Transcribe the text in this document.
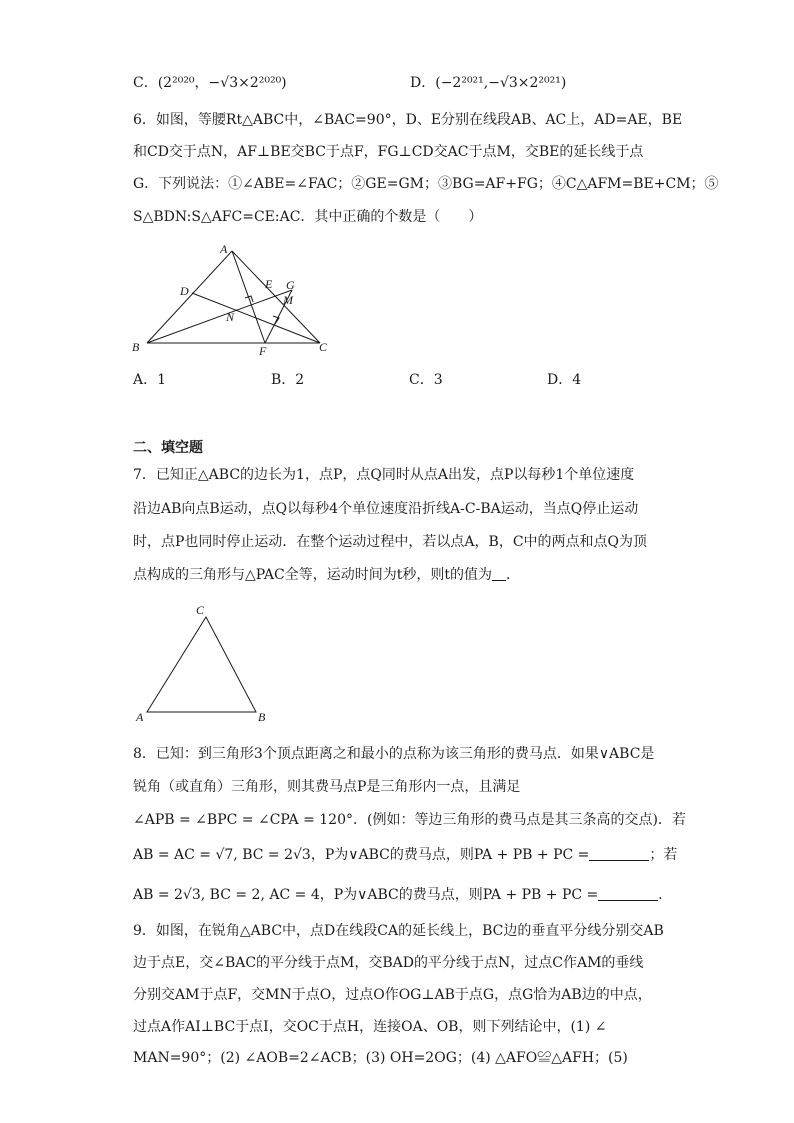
C．(2²⁰²⁰，−√3×2²⁰²⁰)	D．(−2²⁰²¹,−√3×2²⁰²¹)
6．如图，等腰Rt△ABC中，∠BAC=90°，D、E分别在线段AB、AC上，AD=AE，BE
和CD交于点N，AF⊥BE交BC于点F，FG⊥CD交AC于点M，交BE的延长线于点
G．下列说法：①∠ABE=∠FAC；②GE=GM；③BG=AF+FG；④C△AFM=BE+CM；⑤
S△BDN:S△AFC=CE:AC．其中正确的个数是（　　）
A
D	E G
M
N
B	F	C
A．1	B．2	C．3	D．4
二、填空题
7．已知正△ABC的边长为1，点P，点Q同时从点A出发，点P以每秒1个单位速度
沿边AB向点B运动，点Q以每秒4个单位速度沿折线A-C-BA运动，当点Q停止运动
时，点P也同时停止运动．在整个运动过程中，若以点A，B，C中的两点和点Q为顶
点构成的三角形与△PAC全等，运动时间为t秒，则t的值为 ．
C
A	B
8．已知：到三角形3个顶点距离之和最小的点称为该三角形的费马点．如果∨ABC是
锐角（或直角）三角形，则其费马点P是三角形内一点，且满足
∠APB = ∠BPC = ∠CPA = 120°．(例如：等边三角形的费马点是其三条高的交点)．若
AB = AC = √7, BC = 2√3，P为∨ABC的费马点，则PA + PB + PC =	；若
AB = 2√3, BC = 2, AC = 4，P为∨ABC的费马点，则PA + PB + PC =	．
9．如图，在锐角△ABC中，点D在线段CA的延长线上，BC边的垂直平分线分别交AB
边于点E，交∠BAC的平分线于点M，交BAD的平分线于点N，过点C作AM的垂线
分别交AM于点F，交MN于点O，过点O作OG⊥AB于点G，点G恰为AB边的中点，
过点A作AI⊥BC于点I，交OC于点H，连接OA、OB，则下列结论中，(1) ∠
MAN=90°；(2) ∠AOB=2∠ACB；(3) OH=2OG；(4) △AFO≌△AFH；(5)
